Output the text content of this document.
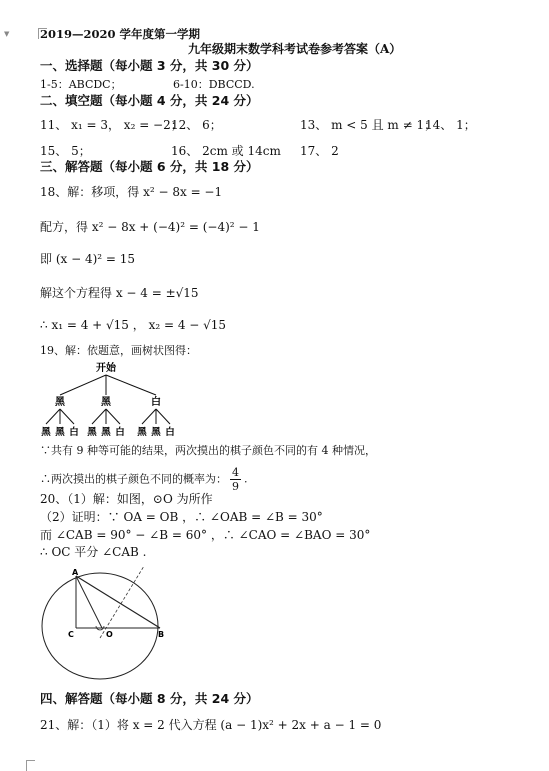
▼	2019—2020 学年度第一学期
九年级期末数学科考试卷参考答案（A）
一、选择题（每小题 3 分，共 30 分）
1-5：ABCDC；	6-10：DBCCD.
二、填空题（每小题 4 分，共 24 分）
11、 x₁ = 3， x₂ = −2；
12、 6；	13、 m < 5 且 m ≠ 1；
14、 1；
15、 5；	16、 2cm 或 14cm 17、 2
三、解答题（每小题 6 分，共 18 分）
18、解：移项，得 x² − 8x = −1
配方，得 x² − 8x + (−4)² = (−4)² − 1
即 (x − 4)² = 15
解这个方程得 x − 4 = ±√15
∴ x₁ = 4 + √15 ， x₂ = 4 − √15
19、解：依题意，画树状图得：
开始
黑	黑	白
黑 黑 白 黑 黑 白 黑 黑 白
∵共有 9 种等可能的结果，两次摸出的棋子颜色不同的有 4 种情况，
∴两次摸出的棋子颜色不同的概率为： $\frac{4}{9}$ .
20、（1）解：如图，⊙O 为所作
（2）证明：∵ OA = OB ，∴ ∠OAB = ∠B = 30°
而 ∠CAB = 90° − ∠B = 60° ，∴ ∠CAO = ∠BAO = 30°
∴ OC 平分 ∠CAB .
A
C	O	B
四、解答题（每小题 8 分，共 24 分）
21、解：（1）将 x = 2 代入方程 (a − 1)x² + 2x + a − 1 = 0
